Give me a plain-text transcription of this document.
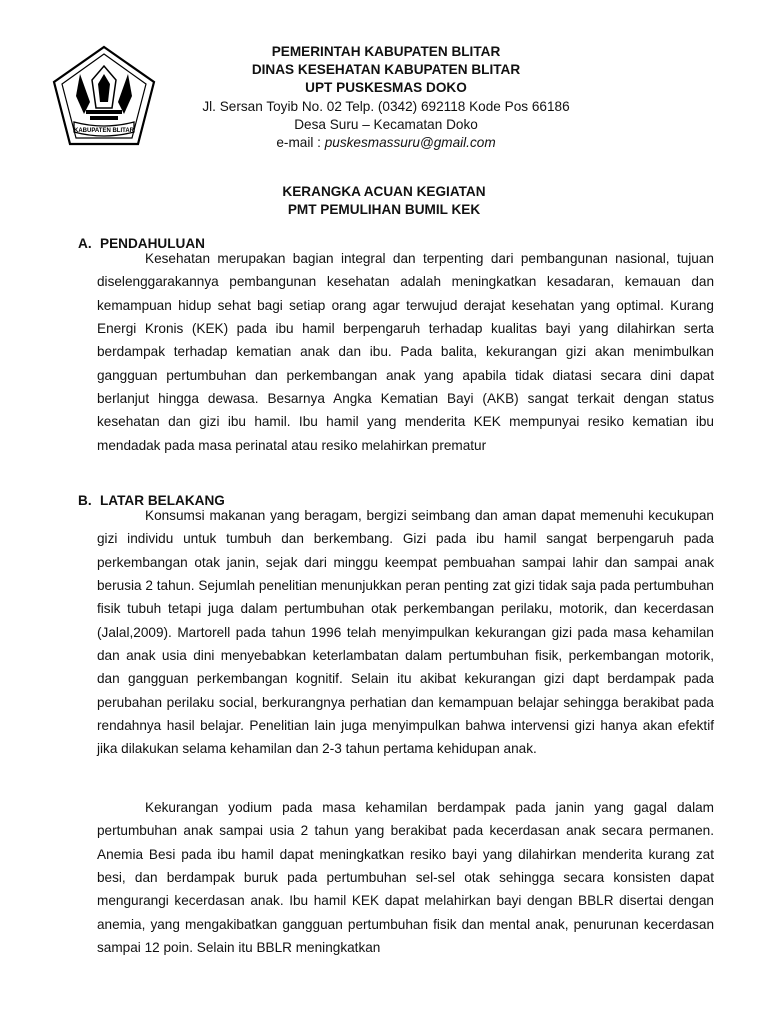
KABUPATEN BLITAR
PEMERINTAH KABUPATEN BLITAR
DINAS KESEHATAN KABUPATEN BLITAR
UPT PUSKESMAS DOKO
Jl. Sersan Toyib No. 02 Telp. (0342) 692118 Kode Pos 66186
Desa Suru – Kecamatan Doko
e-mail : puskesmassuru@gmail.com
KERANGKA ACUAN KEGIATAN
PMT PEMULIHAN BUMIL KEK
A. PENDAHULUAN

Kesehatan merupakan bagian integral dan terpenting dari pembangunan nasional, tujuan diselenggarakannya pembangunan kesehatan adalah meningkatkan kesadaran, kemauan dan kemampuan hidup sehat bagi setiap orang agar terwujud derajat kesehatan yang optimal. Kurang Energi Kronis (KEK) pada ibu hamil berpengaruh terhadap kualitas bayi yang dilahirkan serta berdampak terhadap kematian anak dan ibu. Pada balita, kekurangan gizi akan menimbulkan gangguan pertumbuhan dan perkembangan anak yang apabila tidak diatasi secara dini dapat berlanjut hingga dewasa. Besarnya Angka Kematian Bayi (AKB) sangat terkait dengan status kesehatan dan gizi ibu hamil. Ibu hamil yang menderita KEK mempunyai resiko kematian ibu mendadak pada masa perinatal atau resiko melahirkan prematur

B. LATAR BELAKANG

Konsumsi makanan yang beragam, bergizi seimbang dan aman dapat memenuhi kecukupan gizi individu untuk tumbuh dan berkembang. Gizi pada ibu hamil sangat berpengaruh pada perkembangan otak janin, sejak dari minggu keempat pembuahan sampai lahir dan sampai anak berusia 2 tahun. Sejumlah penelitian menunjukkan peran penting zat gizi tidak saja pada pertumbuhan fisik tubuh tetapi juga dalam pertumbuhan otak perkembangan perilaku, motorik, dan kecerdasan (Jalal,2009). Martorell pada tahun 1996 telah menyimpulkan kekurangan gizi pada masa kehamilan dan anak usia dini menyebabkan keterlambatan dalam pertumbuhan fisik, perkembangan motorik, dan gangguan perkembangan kognitif. Selain itu akibat kekurangan gizi dapt berdampak pada perubahan perilaku social, berkurangnya perhatian dan kemampuan belajar sehingga berakibat pada rendahnya hasil belajar. Penelitian lain juga menyimpulkan bahwa intervensi gizi hanya akan efektif jika dilakukan selama kehamilan dan 2-3 tahun pertama kehidupan anak.

Kekurangan yodium pada masa kehamilan berdampak pada janin yang gagal dalam pertumbuhan anak sampai usia 2 tahun yang berakibat pada kecerdasan anak secara permanen. Anemia Besi pada ibu hamil dapat meningkatkan resiko bayi yang dilahirkan menderita kurang zat besi, dan berdampak buruk pada pertumbuhan sel-sel otak sehingga secara konsisten dapat mengurangi kecerdasan anak. Ibu hamil KEK dapat melahirkan bayi dengan BBLR disertai dengan anemia, yang mengakibatkan gangguan pertumbuhan fisik dan mental anak, penurunan kecerdasan sampai 12 poin. Selain itu BBLR meningkatkan
